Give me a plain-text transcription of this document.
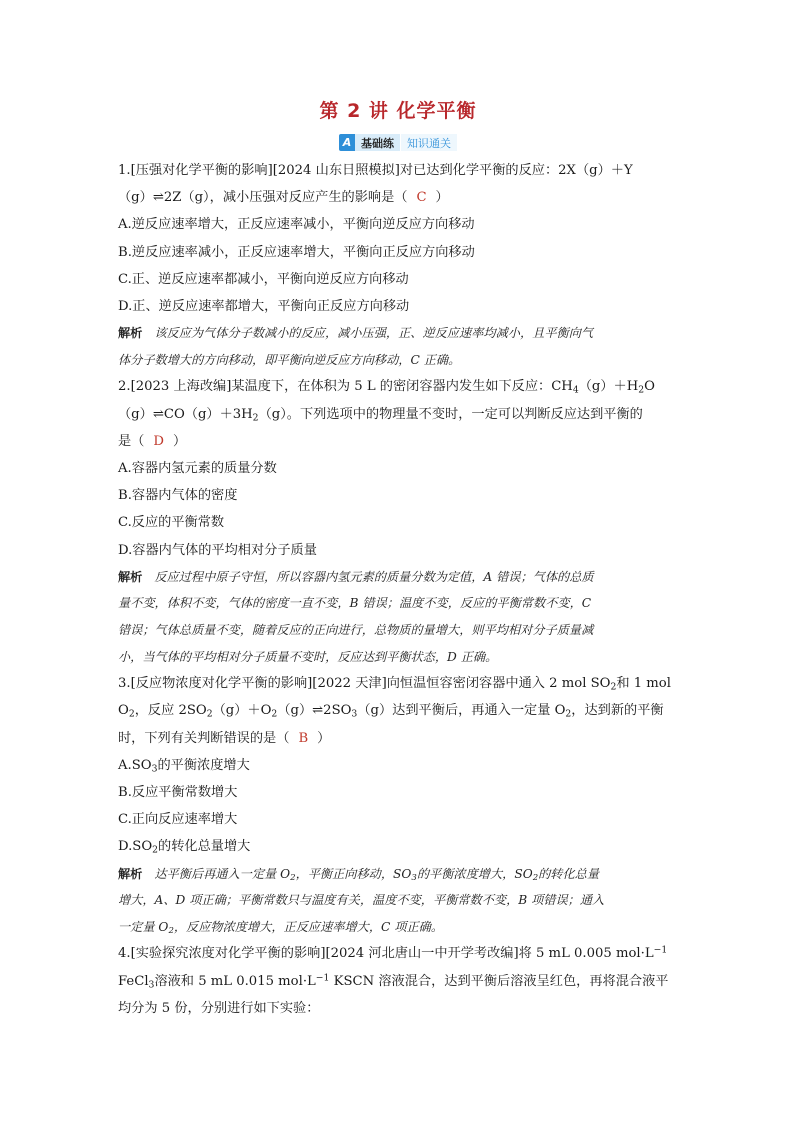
第 2 讲 化学平衡
A 基础练	知识通关
1.[压强对化学平衡的影响][2024 山东日照模拟]对已达到化学平衡的反应：2X（g）＋Y
（g）⇌2Z（g），减小压强对反应产生的影响是（ C ）
A.逆反应速率增大，正反应速率减小，平衡向逆反应方向移动
B.逆反应速率减小，正反应速率增大，平衡向正反应方向移动
C.正、逆反应速率都减小，平衡向逆反应方向移动
D.正、逆反应速率都增大，平衡向正反应方向移动
解析 该反应为气体分子数减小的反应，减小压强，正、逆反应速率均减小，且平衡向气
体分子数增大的方向移动，即平衡向逆反应方向移动，C 正确。
2.[2023 上海改编]某温度下，在体积为 5 L 的密闭容器内发生如下反应：$CH_4(g)+H_2O$
$(g)\rightleftharpoons CO(g)+3H_2(g)$。下列选项中的物理量不变时，一定可以判断反应达到平衡的
是（ D ）
A.容器内氢元素的质量分数
B.容器内气体的密度
C.反应的平衡常数
D.容器内气体的平均相对分子质量
解析 反应过程中原子守恒，所以容器内氢元素的质量分数为定值，A 错误；气体的总质
量不变，体积不变，气体的密度一直不变，B 错误；温度不变，反应的平衡常数不变，C
错误；气体总质量不变，随着反应的正向进行，总物质的量增大，则平均相对分子质量减
小，当气体的平均相对分子质量不变时，反应达到平衡状态，D 正确。
3.[反应物浓度对化学平衡的影响][2022 天津]向恒温恒容密闭容器中通入 2 mol $SO_2$和 1 mol
$O_2$，反应 $2SO_2(g)+O_2(g)\rightleftharpoons 2SO_3(g)$达到平衡后，再通入一定量 $O_2$，达到新的平衡
时，下列有关判断错误的是（ B ）
$A.SO_3$的平衡浓度增大
B.反应平衡常数增大
C.正向反应速率增大
$D.SO_2$的转化总量增大
解析 达平衡后再通入一定量 $O_2$，平衡正向移动，$SO_3$的平衡浓度增大，$SO_2$的转化总量
增大，A、D 项正确；平衡常数只与温度有关，温度不变，平衡常数不变，B 项错误；通入
一定量 $O_2$，反应物浓度增大，正反应速率增大，C 项正确。
4.[实验探究浓度对化学平衡的影响][2024 河北唐山一中开学考改编]将 5 mL 0.005 $mol\cdot L^{-1}$
FeCl$_3$溶液和 5 mL 0.015 $mol\cdot L^{-1}$ KSCN 溶液混合，达到平衡后溶液呈红色，再将混合液平
均分为 5 份，分别进行如下实验：
